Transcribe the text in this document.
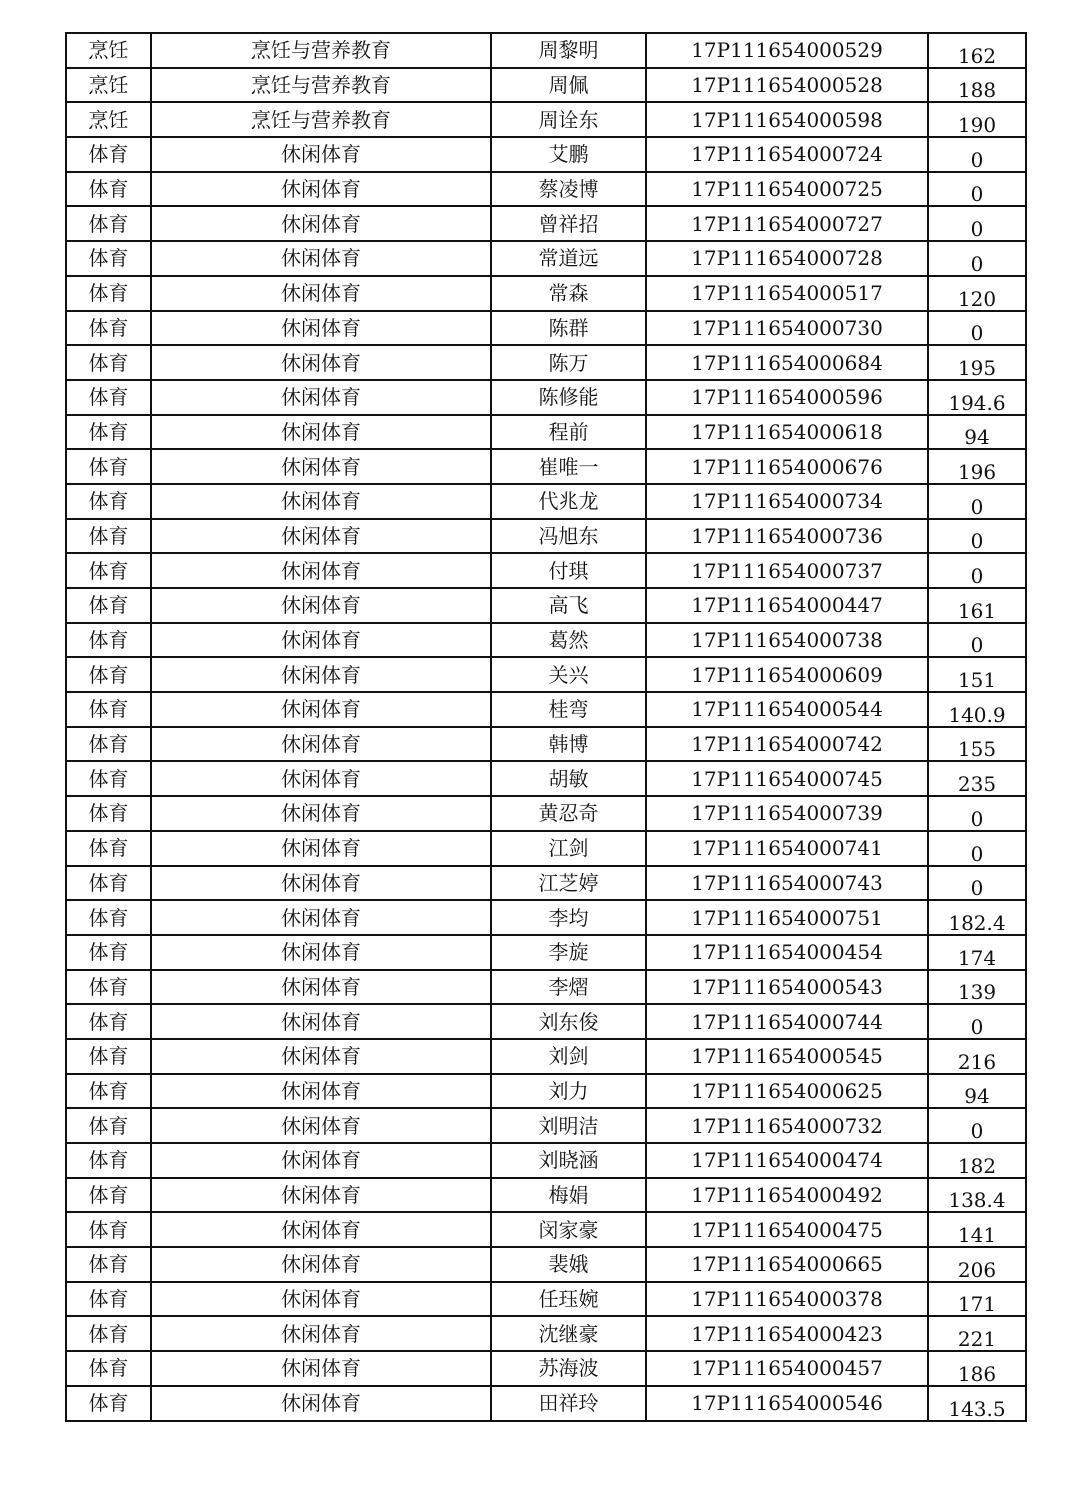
烹饪	烹饪与营养教育	周黎明	17P111654000529	162
烹饪	烹饪与营养教育	周佩	17P111654000528	188
烹饪	烹饪与营养教育	周诠东	17P111654000598	190
体育	休闲体育	艾鹏	17P111654000724	0
体育	休闲体育	蔡凌博	17P111654000725	0
体育	休闲体育	曾祥招	17P111654000727	0
体育	休闲体育	常道远	17P111654000728	0
体育	休闲体育	常森	17P111654000517	120
体育	休闲体育	陈群	17P111654000730	0
体育	休闲体育	陈万	17P111654000684	195
体育	休闲体育	陈修能	17P111654000596	194.6
体育	休闲体育	程前	17P111654000618	94
体育	休闲体育	崔唯一	17P111654000676	196
体育	休闲体育	代兆龙	17P111654000734	0
体育	休闲体育	冯旭东	17P111654000736	0
体育	休闲体育	付琪	17P111654000737	0
体育	休闲体育	高飞	17P111654000447	161
体育	休闲体育	葛然	17P111654000738	0
体育	休闲体育	关兴	17P111654000609	151
体育	休闲体育	桂弯	17P111654000544	140.9
体育	休闲体育	韩博	17P111654000742	155
体育	休闲体育	胡敏	17P111654000745	235
体育	休闲体育	黄忍奇	17P111654000739	0
体育	休闲体育	江剑	17P111654000741	0
体育	休闲体育	江芝婷	17P111654000743	0
体育	休闲体育	李均	17P111654000751	182.4
体育	休闲体育	李旋	17P111654000454	174
体育	休闲体育	李熠	17P111654000543	139
体育	休闲体育	刘东俊	17P111654000744	0
体育	休闲体育	刘剑	17P111654000545	216
体育	休闲体育	刘力	17P111654000625	94
体育	休闲体育	刘明洁	17P111654000732	0
体育	休闲体育	刘晓涵	17P111654000474	182
体育	休闲体育	梅娟	17P111654000492	138.4
体育	休闲体育	闵家豪	17P111654000475	141
体育	休闲体育	裴娥	17P111654000665	206
体育	休闲体育	任珏婉	17P111654000378	171
体育	休闲体育	沈继豪	17P111654000423	221
体育	休闲体育	苏海波	17P111654000457	186
体育	休闲体育	田祥玲	17P111654000546	143.5
